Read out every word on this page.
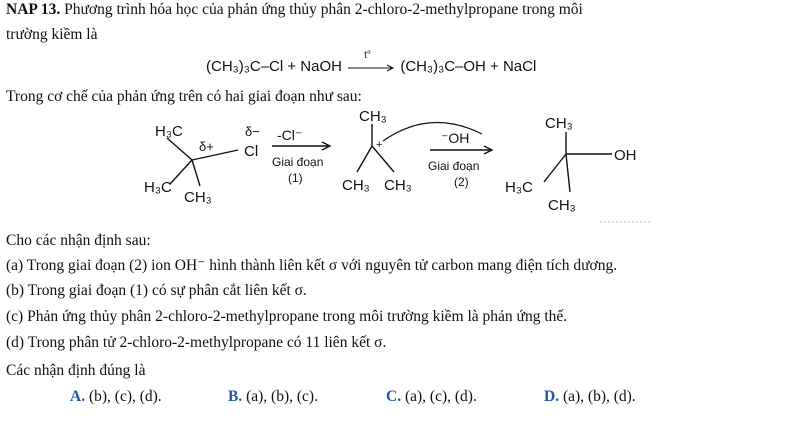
NAP 13. Phương trình hóa học của phản ứng thủy phân 2-chloro-2-methylpropane trong môi
trường kiềm là
(CH₃)₃C–Cl + NaOH
t°
(CH₃)₃C–OH + NaCl
Trong cơ chế của phản ứng trên có hai giai đoạn như sau:
H₃C
H₃C
CH₃
δ+
δ−
Cl
-Cl⁻
Giai đoạn
(1)
CH₃
CH₃ CH₃
+	⁻OH
Giai đoạn
(2)
CH₃
OH
H₃C
CH₃
Cho các nhận định sau:
(a) Trong giai đoạn (2) ion OH⁻ hình thành liên kết σ với nguyên tử carbon mang điện tích dương.
(b) Trong giai đoạn (1) có sự phân cắt liên kết σ.
(c) Phản ứng thủy phân 2-chloro-2-methylpropane trong môi trường kiềm là phản ứng thế.
(d) Trong phân tử 2-chloro-2-methylpropane có 11 liên kết σ.
Các nhận định đúng là
A. (b), (c), (d).	B. (a), (b), (c).	C. (a), (c), (d).	D. (a), (b), (d).
